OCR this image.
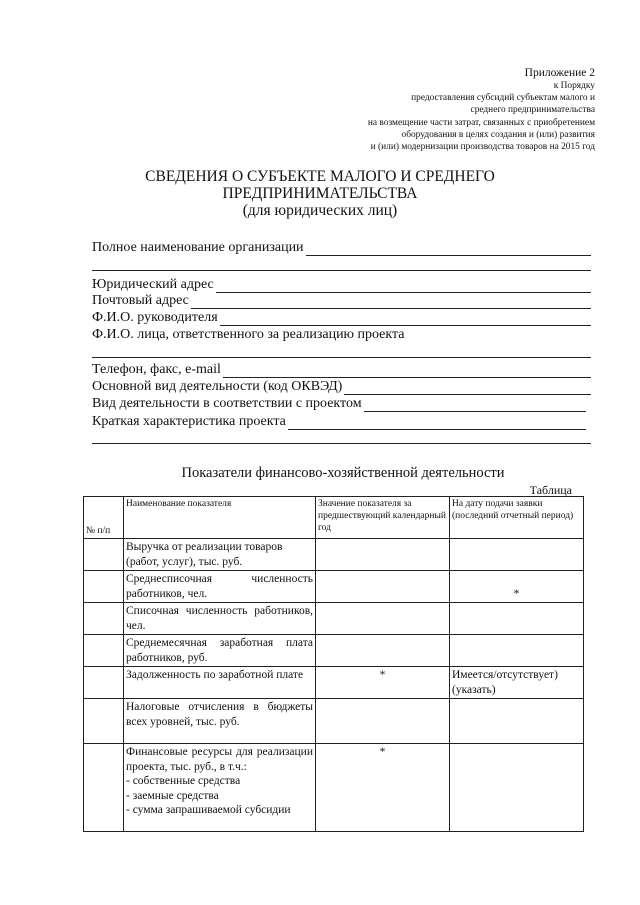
Приложение 2
к Порядку
предоставления субсидий субъектам малого и
среднего предпринимательства
на возмещение части затрат, связанных с приобретением
оборудования в целях создания и (или) развития
и (или) модернизации производства товаров на 2015 год
СВЕДЕНИЯ О СУБЪЕКТЕ МАЛОГО И СРЕДНЕГО
ПРЕДПРИНИМАТЕЛЬСТВА
(для юридических лиц)
Полное наименование организации
Юридический адрес
Почтовый адрес
Ф.И.О. руководителя
Ф.И.О. лица, ответственного за реализацию проекта
Телефон, факс, e-mail
Основной вид деятельности (код ОКВЭД)
Вид деятельности в соответствии с проектом
Краткая характеристика проекта
Показатели финансово-хозяйственной деятельности
Таблица
№ п/п	Наименование показателя	Значение показателя за предшествующий календарный год	На дату подачи заявки (последний отчетный период)
	Выручка от реализации товаров (работ, услуг), тыс. руб.		
	Среднесписочная численность работников, чел.		*
	Списочная численность работников, чел.		
	Среднемесячная заработная плата работников, руб.		
	Задолженность по заработной плате	*	Имеется/отсутствует) (указать)
	Налоговые отчисления в бюджеты всех уровней, тыс. руб.		

	Финансовые ресурсы для реализации проекта, тыс. руб., в т.ч.:
- собственные средства
- заемные средства
- сумма запрашиваемой субсидии	*	
